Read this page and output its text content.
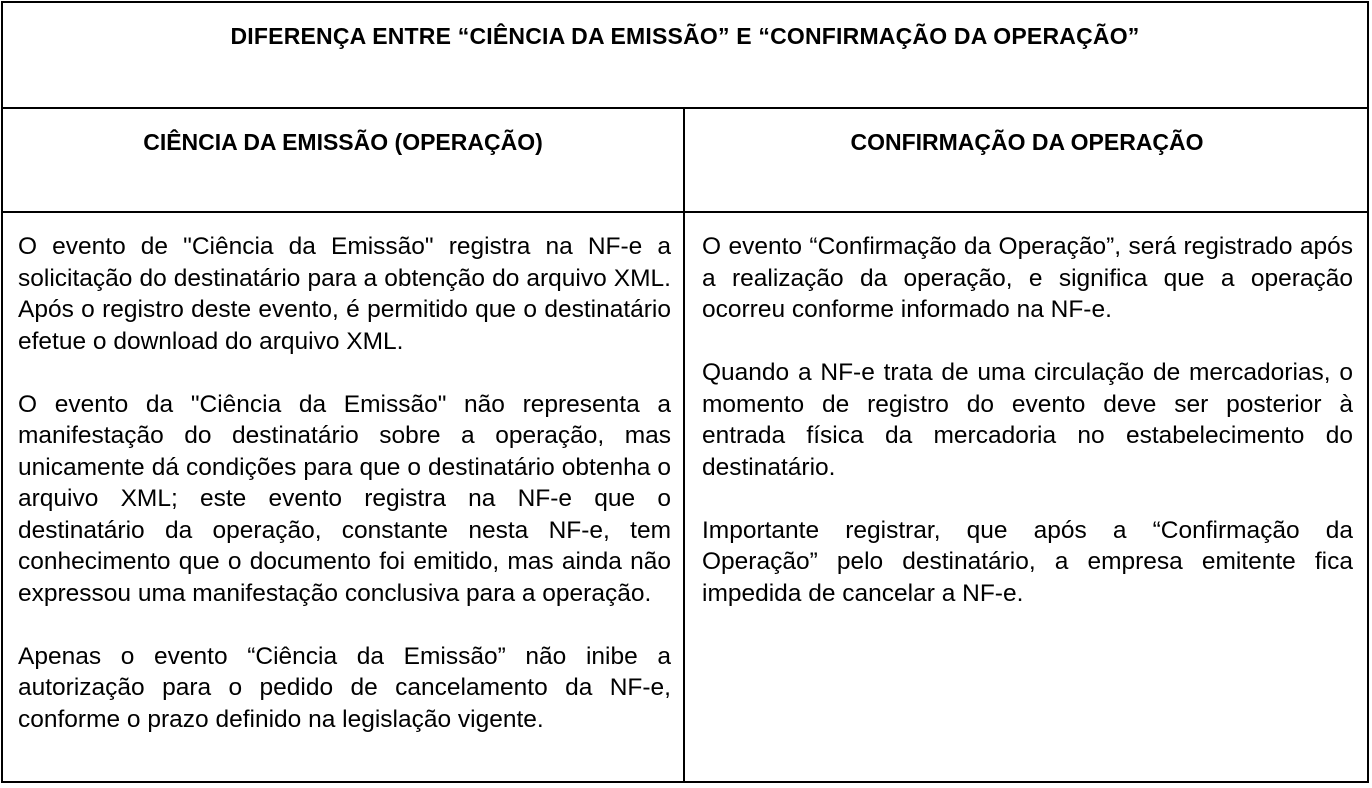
DIFERENÇA ENTRE “CIÊNCIA DA EMISSÃO” E “CONFIRMAÇÃO DA OPERAÇÃO”
CIÊNCIA DA EMISSÃO (OPERAÇÃO)	CONFIRMAÇÃO DA OPERAÇÃO

O evento de "Ciência da Emissão" registra na NF-e a solicitação do destinatário para a obtenção do arquivo XML. Após o registro deste evento, é permitido que o destinatário efetue o download do arquivo XML.

O evento da "Ciência da Emissão" não representa a manifestação do destinatário sobre a operação, mas unicamente dá condições para que o destinatário obtenha o arquivo XML; este evento registra na NF-e que o destinatário da operação, constante nesta NF-e, tem conhecimento que o documento foi emitido, mas ainda não expressou uma manifestação conclusiva para a operação.

Apenas o evento “Ciência da Emissão” não inibe a autorização para o pedido de cancelamento da NF-e, conforme o prazo definido na legislação vigente.

O evento “Confirmação da Operação”, será registrado após a realização da operação, e significa que a operação ocorreu conforme informado na NF-e.

Quando a NF-e trata de uma circulação de mercadorias, o momento de registro do evento deve ser posterior à entrada física da mercadoria no estabelecimento do destinatário.

Importante registrar, que após a “Confirmação da Operação” pelo destinatário, a empresa emitente fica impedida de cancelar a NF-e.
